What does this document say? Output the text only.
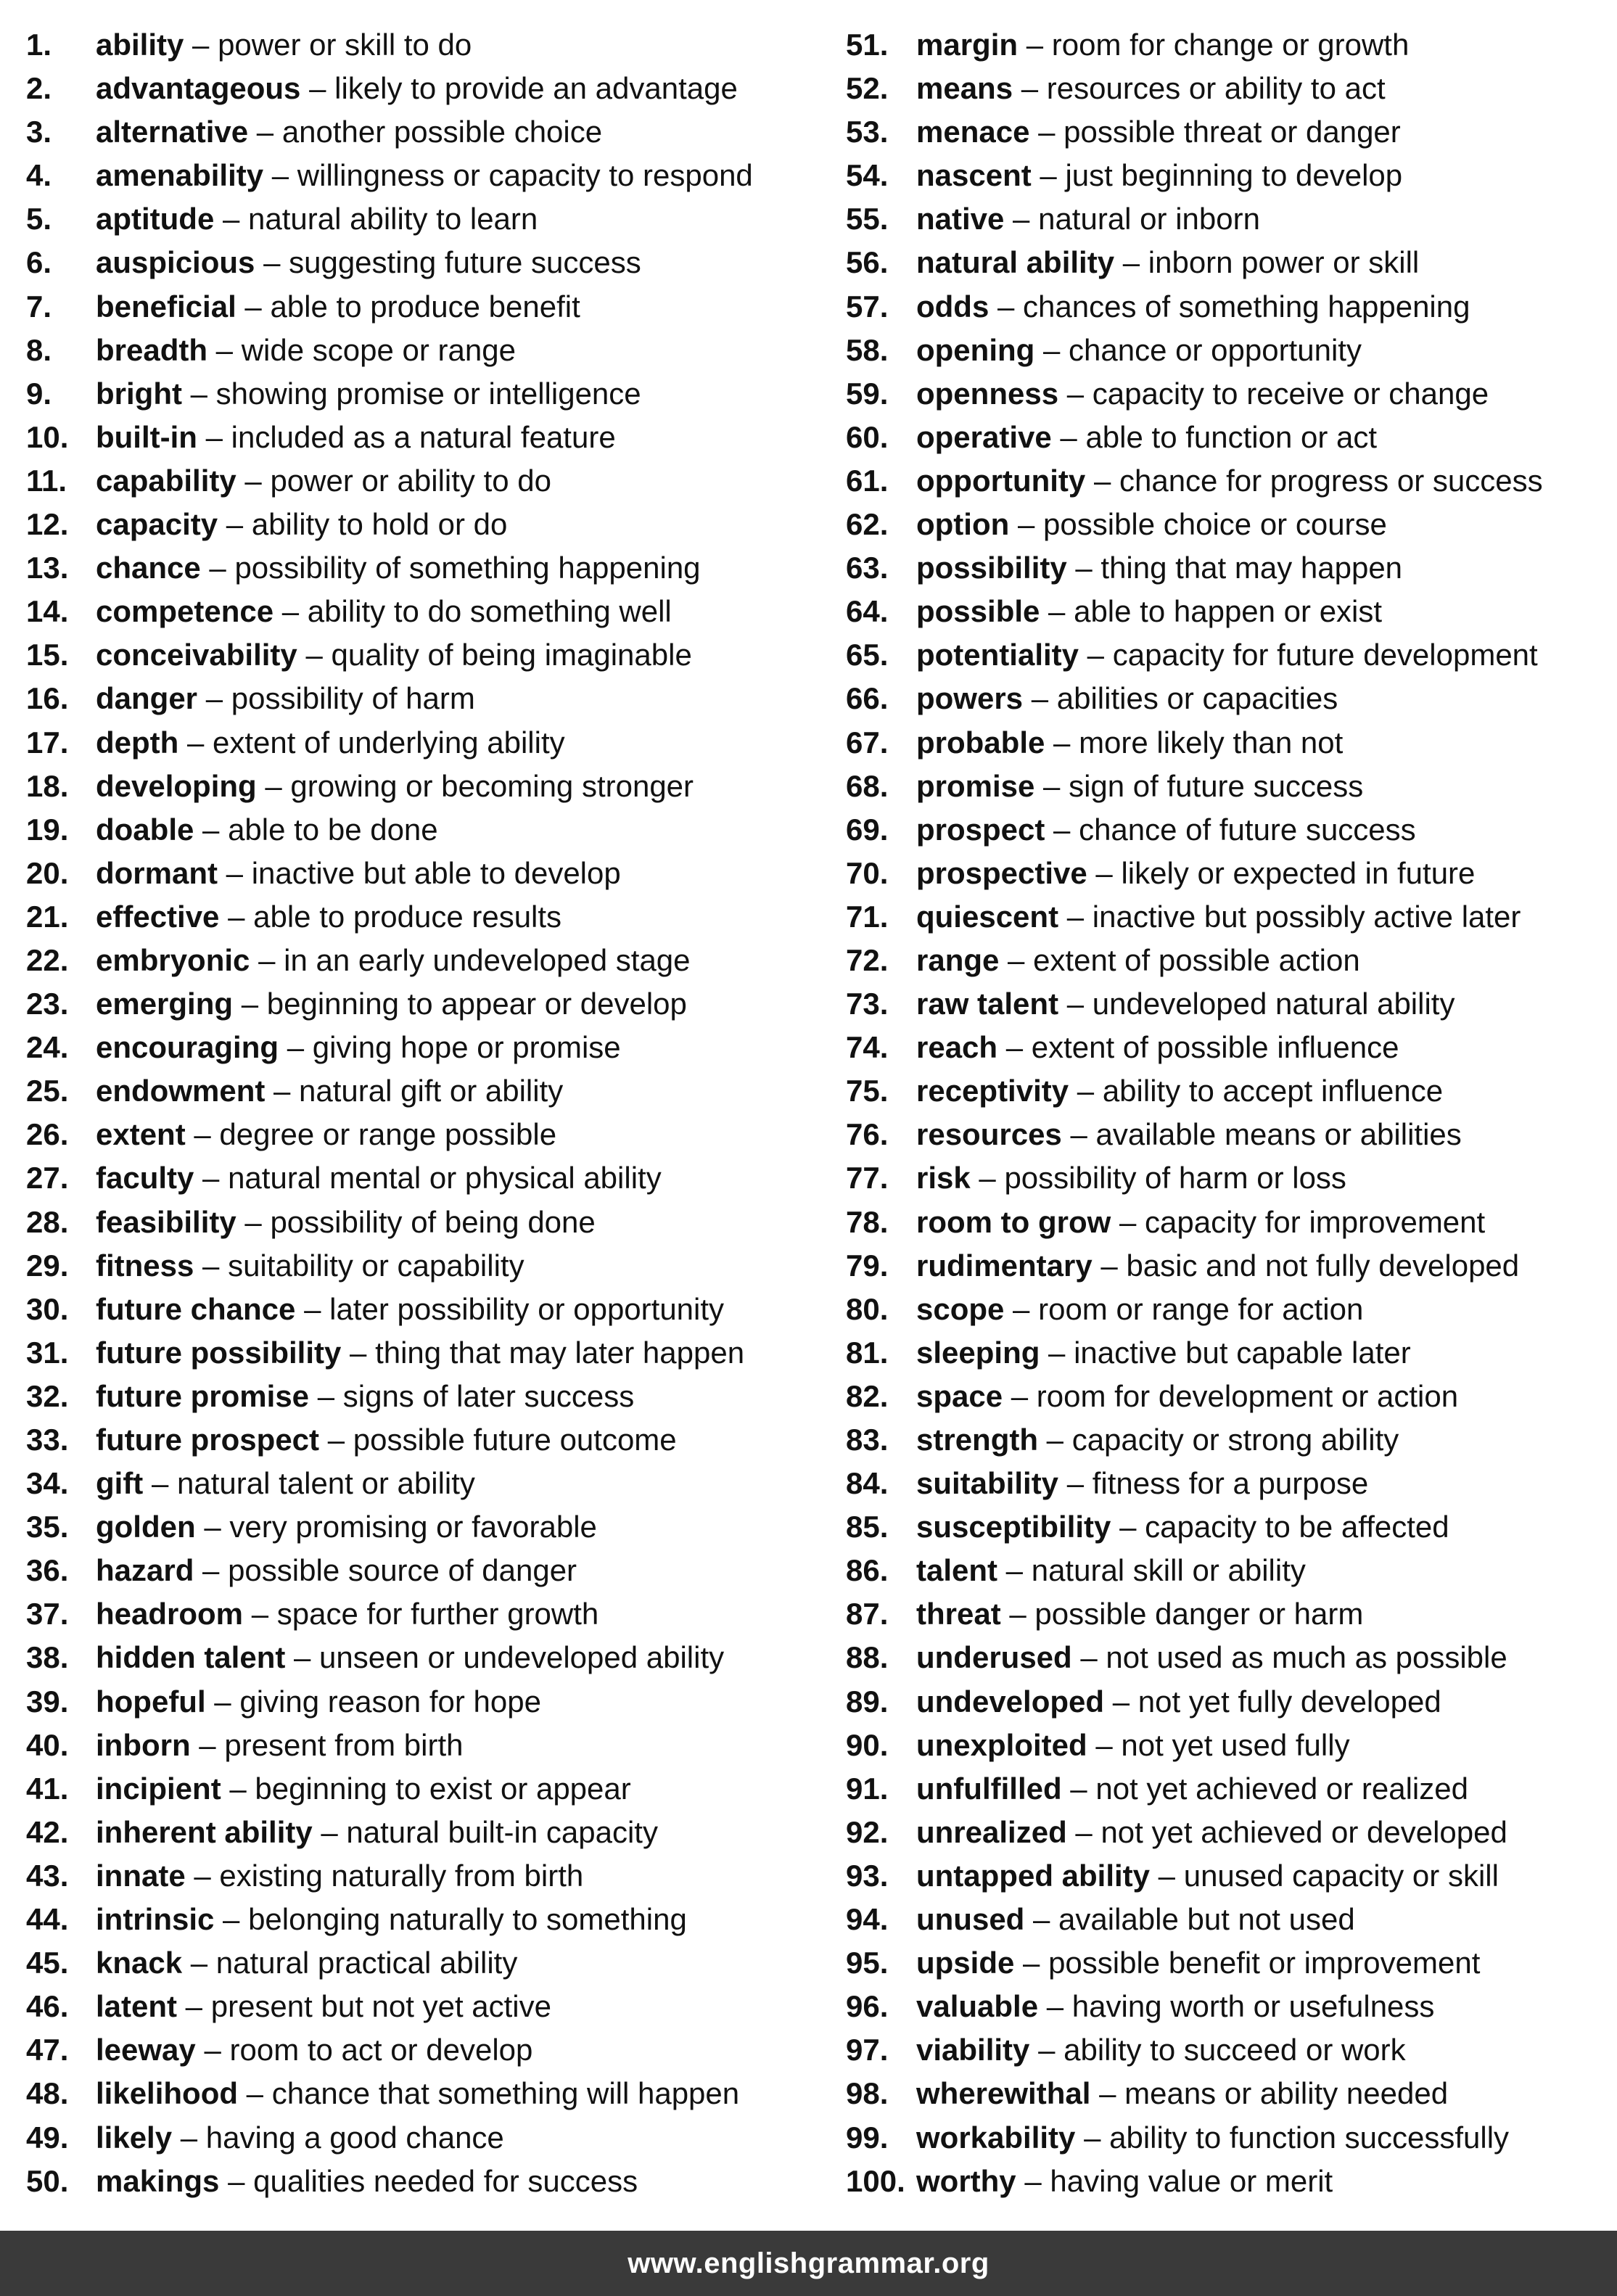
1.	ability – power or skill to do
2.	advantageous – likely to provide an advantage
3.	alternative – another possible choice
4.	amenability – willingness or capacity to respond
5.	aptitude – natural ability to learn
6.	auspicious – suggesting future success
7.	beneficial – able to produce benefit
8.	breadth – wide scope or range
9.	bright – showing promise or intelligence
10. built-in – included as a natural feature
11. capability – power or ability to do
12. capacity – ability to hold or do
13. chance – possibility of something happening
14. competence – ability to do something well
15. conceivability – quality of being imaginable
16. danger – possibility of harm
17. depth – extent of underlying ability
18. developing – growing or becoming stronger
19. doable – able to be done
20. dormant – inactive but able to develop
21. effective – able to produce results
22. embryonic – in an early undeveloped stage
23. emerging – beginning to appear or develop
24. encouraging – giving hope or promise
25. endowment – natural gift or ability
26. extent – degree or range possible
27. faculty – natural mental or physical ability
28. feasibility – possibility of being done
29. fitness – suitability or capability
30. future chance – later possibility or opportunity
31. future possibility – thing that may later happen
32. future promise – signs of later success
33. future prospect – possible future outcome
34. gift – natural talent or ability
35. golden – very promising or favorable
36. hazard – possible source of danger
37. headroom – space for further growth
38. hidden talent – unseen or undeveloped ability
39. hopeful – giving reason for hope
40. inborn – present from birth
41. incipient – beginning to exist or appear
42. inherent ability – natural built-in capacity
43. innate – existing naturally from birth
44. intrinsic – belonging naturally to something
45. knack – natural practical ability
46. latent – present but not yet active
47. leeway – room to act or develop
48. likelihood – chance that something will happen
49. likely – having a good chance
50. makings – qualities needed for success
51. margin – room for change or growth
52. means – resources or ability to act
53. menace – possible threat or danger
54. nascent – just beginning to develop
55. native – natural or inborn
56. natural ability – inborn power or skill
57. odds – chances of something happening
58. opening – chance or opportunity
59. openness – capacity to receive or change
60. operative – able to function or act
61. opportunity – chance for progress or success
62. option – possible choice or course
63. possibility – thing that may happen
64. possible – able to happen or exist
65. potentiality – capacity for future development
66. powers – abilities or capacities
67. probable – more likely than not
68. promise – sign of future success
69. prospect – chance of future success
70. prospective – likely or expected in future
71. quiescent – inactive but possibly active later
72. range – extent of possible action
73. raw talent – undeveloped natural ability
74. reach – extent of possible influence
75. receptivity – ability to accept influence
76. resources – available means or abilities
77. risk – possibility of harm or loss
78. room to grow – capacity for improvement
79. rudimentary – basic and not fully developed
80. scope – room or range for action
81. sleeping – inactive but capable later
82. space – room for development or action
83. strength – capacity or strong ability
84. suitability – fitness for a purpose
85. susceptibility – capacity to be affected
86. talent – natural skill or ability
87. threat – possible danger or harm
88. underused – not used as much as possible
89. undeveloped – not yet fully developed
90. unexploited – not yet used fully
91. unfulfilled – not yet achieved or realized
92. unrealized – not yet achieved or developed
93. untapped ability – unused capacity or skill
94. unused – available but not used
95. upside – possible benefit or improvement
96. valuable – having worth or usefulness
97. viability – ability to succeed or work
98. wherewithal – means or ability needed
99. workability – ability to function successfully
100. worthy – having value or merit
www.englishgrammar.org
